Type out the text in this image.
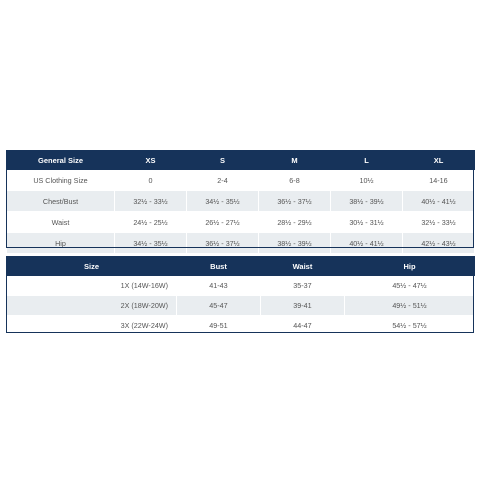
General Size	XS	S	M	L	XL
US Clothing Size	0	2-4	6-8	10½	14-16
Chest/Bust	32½ - 33½	34½ - 35½	36½ - 37½	38½ - 39½	40½ - 41½
Waist	24½ - 25½	26½ - 27½	28½ - 29½	30½ - 31½	32½ - 33½
Hip	34½ - 35½	36½ - 37½	38½ - 39½	40½ - 41½	42½ - 43½
Size	Bust	Waist	Hip
1X (14W-16W)	41-43	35-37	45½ - 47½
2X (18W-20W)	45-47	39-41	49½ - 51½
3X (22W-24W)	49-51	44-47	54½ - 57½
